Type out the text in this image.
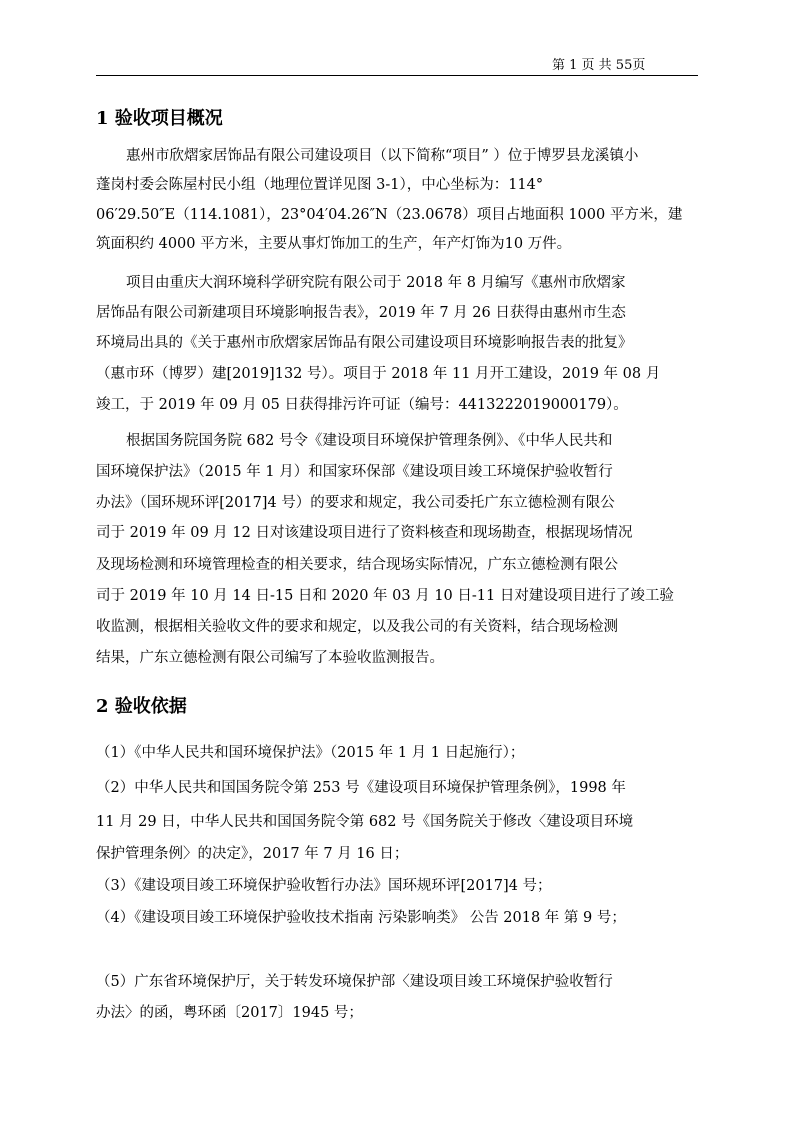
第 1 页 共 55页
1 验收项目概况
惠州市欣熠家居饰品有限公司建设项目（以下简称“项目” ）位于博罗县龙溪镇小
蓬岗村委会陈屋村民小组（地理位置详见图 3-1），中心坐标为：114°
06′29.50″E（114.1081），23°04′04.26″N（23.0678）项目占地面积 1000 平方米，建
筑面积约 4000 平方米，主要从事灯饰加工的生产，年产灯饰为10 万件。
项目由重庆大润环境科学研究院有限公司于 2018 年 8 月编写《惠州市欣熠家
居饰品有限公司新建项目环境影响报告表》，2019 年 7 月 26 日获得由惠州市生态
环境局出具的《关于惠州市欣熠家居饰品有限公司建设项目环境影响报告表的批复》
（惠市环（博罗）建[2019]132 号）。项目于 2018 年 11 月开工建设，2019 年 08 月
竣工，于 2019 年 09 月 05 日获得排污许可证（编号：4413222019000179）。
根据国务院国务院 682 号令《建设项目环境保护管理条例》、《中华人民共和
国环境保护法》（2015 年 1 月）和国家环保部《建设项目竣工环境保护验收暂行
办法》（国环规环评[2017]4 号）的要求和规定，我公司委托广东立德检测有限公
司于 2019 年 09 月 12 日对该建设项目进行了资料核查和现场勘查，根据现场情况
及现场检测和环境管理检查的相关要求，结合现场实际情况，广东立德检测有限公
司于 2019 年 10 月 14 日-15 日和 2020 年 03 月 10 日-11 日对建设项目进行了竣工验
收监测，根据相关验收文件的要求和规定，以及我公司的有关资料，结合现场检测
结果，广东立德检测有限公司编写了本验收监测报告。
2 验收依据
（1）《中华人民共和国环境保护法》（2015 年 1 月 1 日起施行）；
（2）中华人民共和国国务院令第 253 号《建设项目环境保护管理条例》，1998 年
11 月 29 日，中华人民共和国国务院令第 682 号《国务院关于修改〈建设项目环境
保护管理条例〉的决定》，2017 年 7 月 16 日；
（3）《建设项目竣工环境保护验收暂行办法》国环规环评[2017]4 号；
（4）《建设项目竣工环境保护验收技术指南 污染影响类》 公告 2018 年 第 9 号；
（5）广东省环境保护厅，关于转发环境保护部〈建设项目竣工环境保护验收暂行
办法〉的函，粤环函〔2017〕1945 号；
